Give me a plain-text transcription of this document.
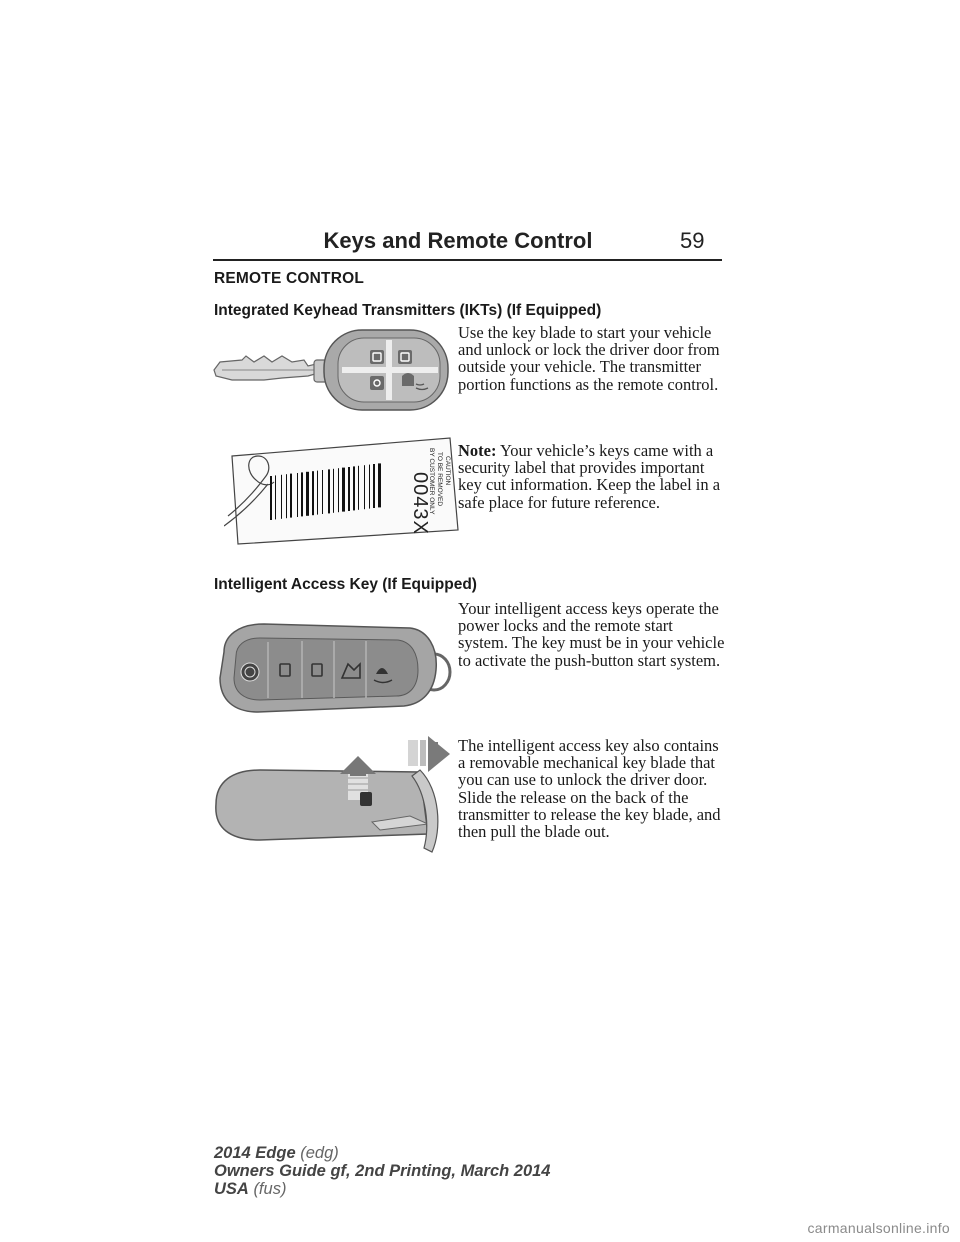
Keys and Remote Control	59
REMOTE CONTROL
Integrated Keyhead Transmitters (IKTs) (If Equipped)
Use the key blade to start your vehicle and unlock or lock the driver door from outside your vehicle. The transmitter portion functions as the remote control.
0043X
CAUTION
TO BE REMOVED
BY CUSTOMER ONLY Note: Your vehicle’s keys came with a security label that provides important key cut information. Keep the label in a safe place for future reference.
Intelligent Access Key (If Equipped)
Your intelligent access keys operate the power locks and the remote start system. The key must be in your vehicle to activate the push-button start system.
The intelligent access key also contains a removable mechanical key blade that you can use to unlock the driver door. Slide the release on the back of the transmitter to release the key blade, and then pull the blade out.
2014 Edge (edg)
Owners Guide gf, 2nd Printing, March 2014
USA (fus)
carmanualsonline.info
